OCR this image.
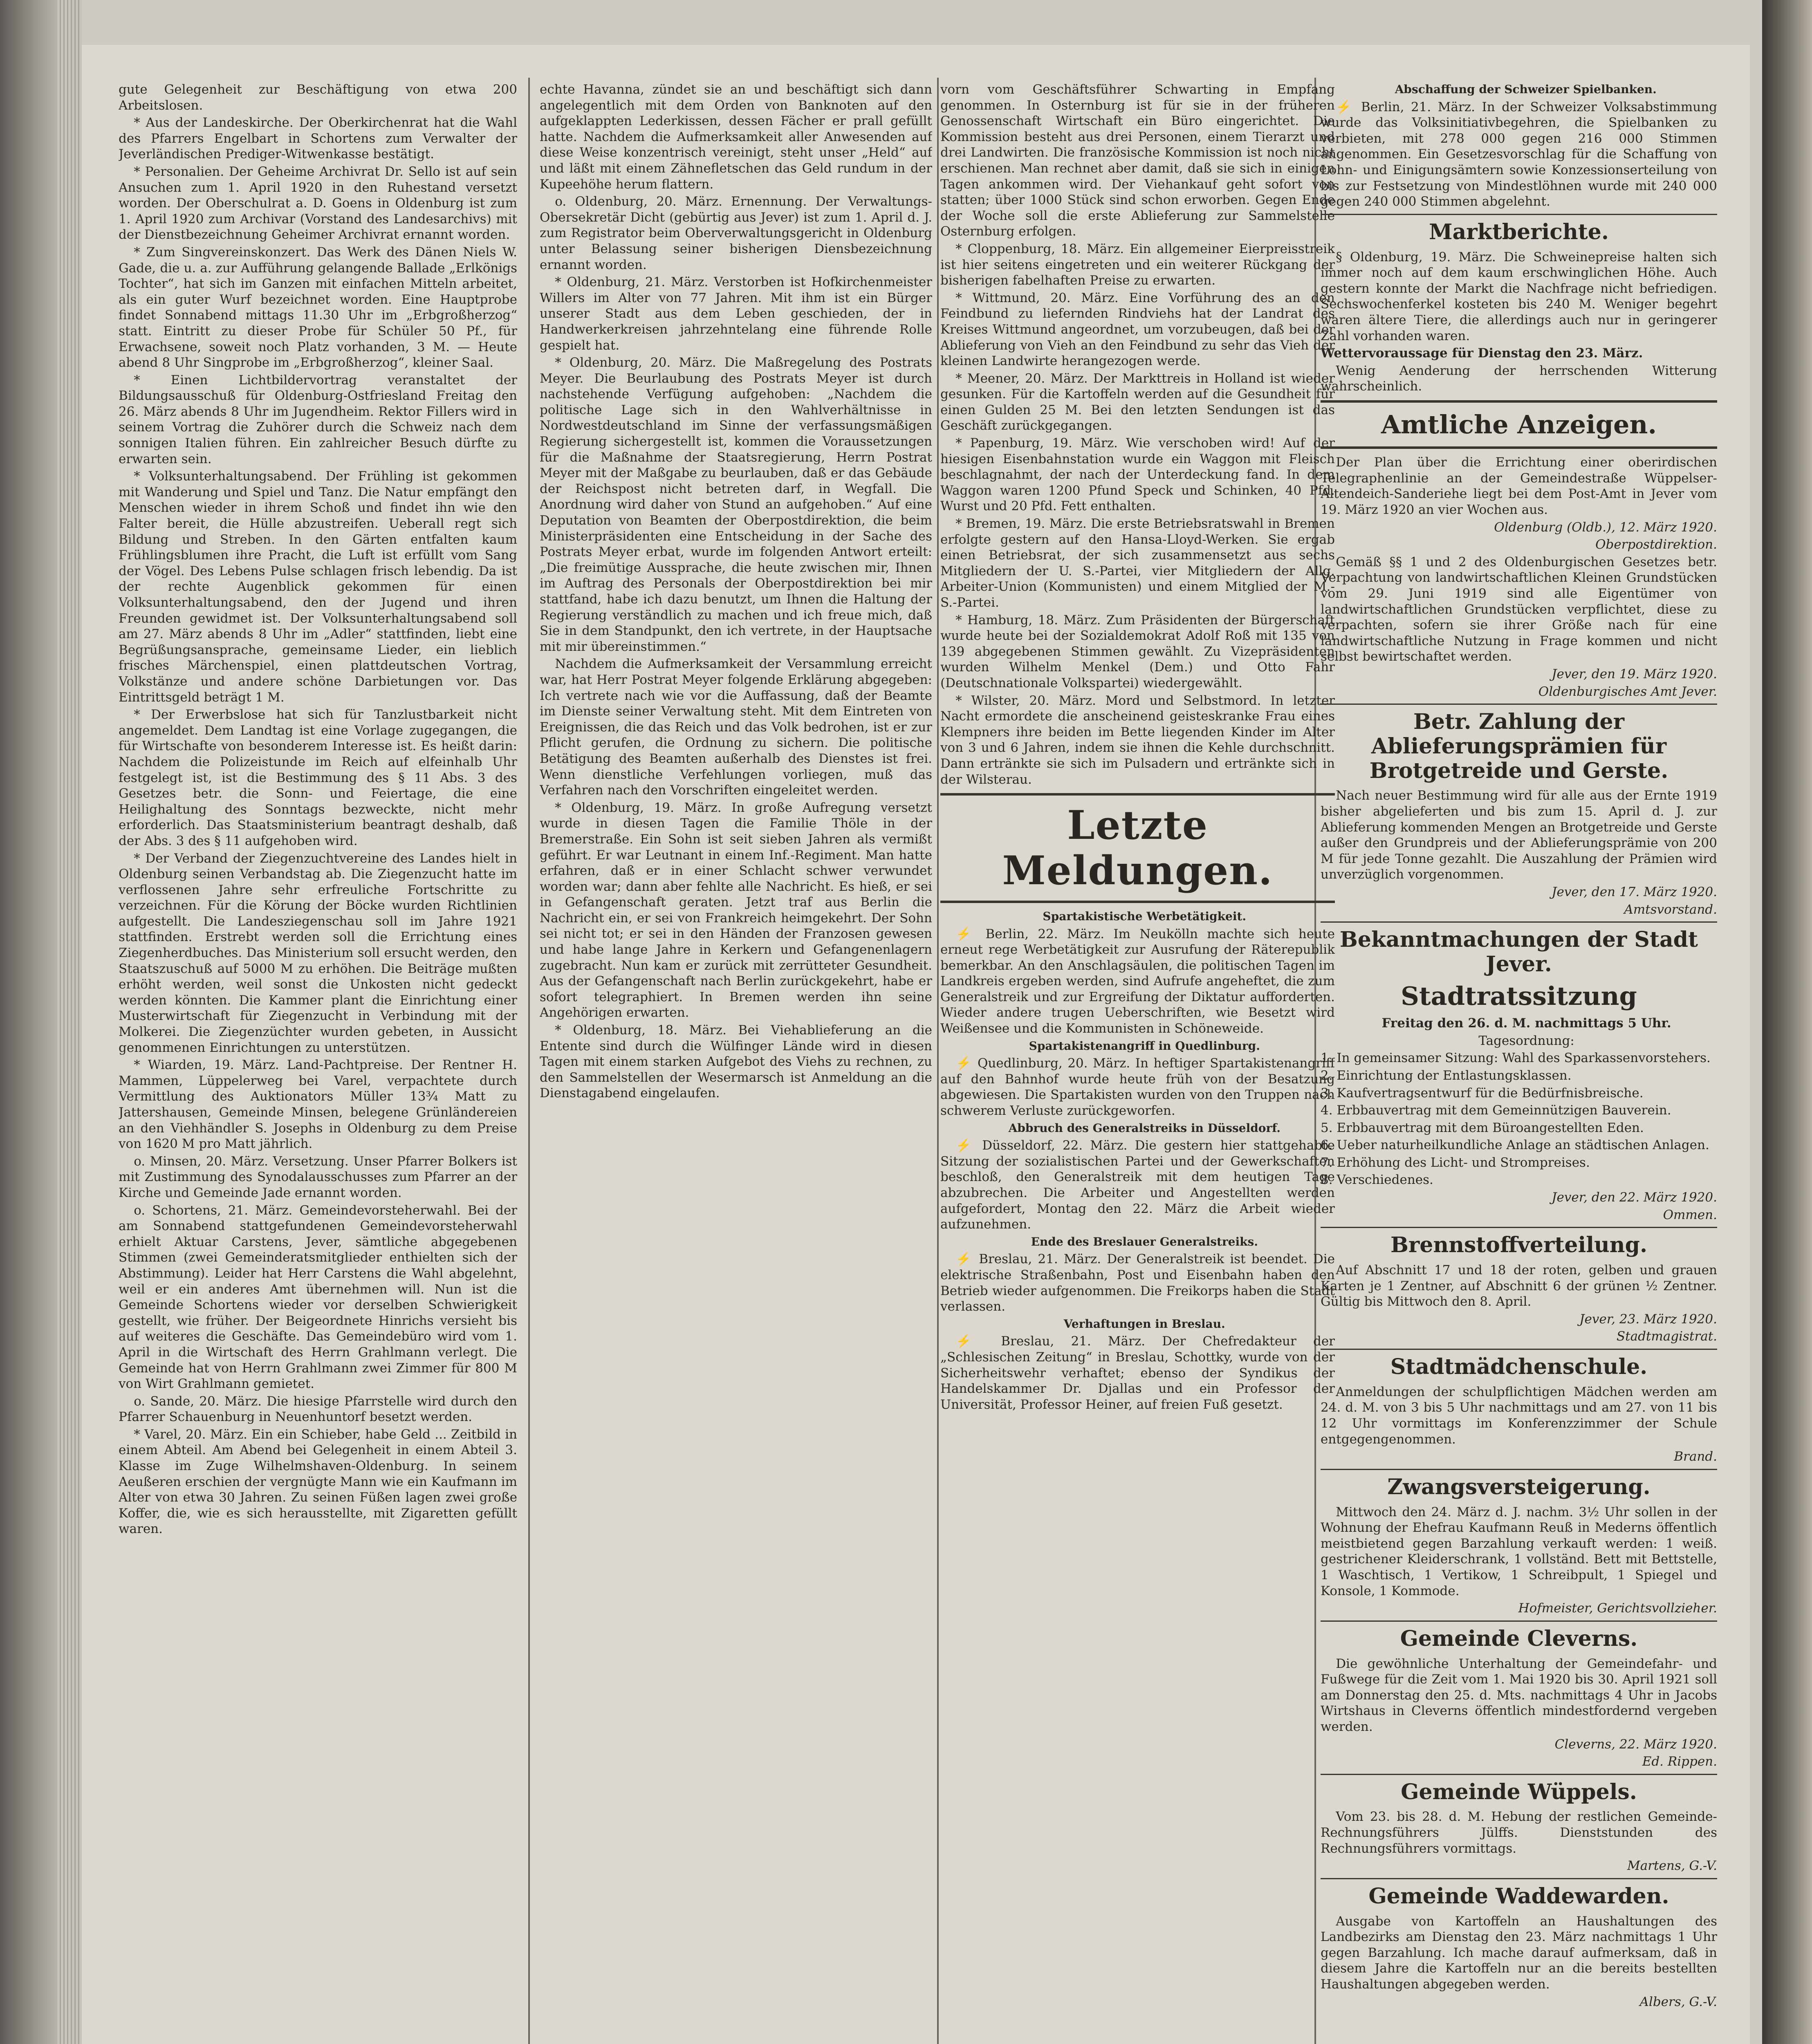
gute Gelegenheit zur Beschäftigung von etwa 200 Arbeitslosen.

* Aus der Landeskirche. Der Oberkirchenrat hat die Wahl des Pfarrers Engelbart in Schortens zum Verwalter der Jeverländischen Prediger-Witwenkasse bestätigt.

* Personalien. Der Geheime Archivrat Dr. Sello ist auf sein Ansuchen zum 1. April 1920 in den Ruhestand versetzt worden. Der Oberschulrat a. D. Goens in Oldenburg ist zum 1. April 1920 zum Archivar (Vorstand des Landesarchivs) mit der Dienstbezeichnung Geheimer Archivrat ernannt worden.

* Zum Singvereinskonzert. Das Werk des Dänen Niels W. Gade, die u. a. zur Aufführung gelangende Ballade „Erlkönigs Tochter“, hat sich im Ganzen mit einfachen Mitteln arbeitet, als ein guter Wurf bezeichnet worden. Eine Hauptprobe findet Sonnabend mittags 11.30 Uhr im „Erbgroßherzog“ statt. Eintritt zu dieser Probe für Schüler 50 Pf., für Erwachsene, soweit noch Platz vorhanden, 3 M. — Heute abend 8 Uhr Singprobe im „Erbgroßherzog“, kleiner Saal.

* Einen Lichtbildervortrag veranstaltet der Bildungsausschuß für Oldenburg-Ostfriesland Freitag den 26. März abends 8 Uhr im Jugendheim. Rektor Fillers wird in seinem Vortrag die Zuhörer durch die Schweiz nach dem sonnigen Italien führen. Ein zahlreicher Besuch dürfte zu erwarten sein.

* Volksunterhaltungsabend. Der Frühling ist gekommen mit Wanderung und Spiel und Tanz. Die Natur empfängt den Menschen wieder in ihrem Schoß und findet ihn wie den Falter bereit, die Hülle abzustreifen. Ueberall regt sich Bildung und Streben. In den Gärten entfalten kaum Frühlingsblumen ihre Pracht, die Luft ist erfüllt vom Sang der Vögel. Des Lebens Pulse schlagen frisch lebendig. Da ist der rechte Augenblick gekommen für einen Volksunterhaltungsabend, den der Jugend und ihren Freunden gewidmet ist. Der Volksunterhaltungsabend soll am 27. März abends 8 Uhr im „Adler“ stattfinden, liebt eine Begrüßungsansprache, gemeinsame Lieder, ein lieblich frisches Märchenspiel, einen plattdeutschen Vortrag, Volkstänze und andere schöne Darbietungen vor. Das Eintrittsgeld beträgt 1 M.

* Der Erwerbslose hat sich für Tanzlustbarkeit nicht angemeldet. Dem Landtag ist eine Vorlage zugegangen, die für Wirtschafte von besonderem Interesse ist. Es heißt darin: Nachdem die Polizeistunde im Reich auf elfeinhalb Uhr festgelegt ist, ist die Bestimmung des § 11 Abs. 3 des Gesetzes betr. die Sonn- und Feiertage, die eine Heilighaltung des Sonntags bezweckte, nicht mehr erforderlich. Das Staatsministerium beantragt deshalb, daß der Abs. 3 des § 11 aufgehoben wird.

* Der Verband der Ziegenzuchtvereine des Landes hielt in Oldenburg seinen Verbandstag ab. Die Ziegenzucht hatte im verflossenen Jahre sehr erfreuliche Fortschritte zu verzeichnen. Für die Körung der Böcke wurden Richtlinien aufgestellt. Die Landesziegenschau soll im Jahre 1921 stattfinden. Erstrebt werden soll die Errichtung eines Ziegenherdbuches. Das Ministerium soll ersucht werden, den Staatszuschuß auf 5000 M zu erhöhen. Die Beiträge mußten erhöht werden, weil sonst die Unkosten nicht gedeckt werden könnten. Die Kammer plant die Einrichtung einer Musterwirtschaft für Ziegenzucht in Verbindung mit der Molkerei. Die Ziegenzüchter wurden gebeten, in Aussicht genommenen Einrichtungen zu unterstützen.

* Wiarden, 19. März. Land-Pachtpreise. Der Rentner H. Mammen, Lüppelerweg bei Varel, verpachtete durch Vermittlung des Auktionators Müller 13¾ Matt zu Jattershausen, Gemeinde Minsen, belegene Grünländereien an den Viehhändler S. Josephs in Oldenburg zu dem Preise von 1620 M pro Matt jährlich.

o. Minsen, 20. März. Versetzung. Unser Pfarrer Bolkers ist mit Zustimmung des Synodalausschusses zum Pfarrer an der Kirche und Gemeinde Jade ernannt worden.

o. Schortens, 21. März. Gemeindevorsteherwahl. Bei der am Sonnabend stattgefundenen Gemeindevorsteherwahl erhielt Aktuar Carstens, Jever, sämtliche abgegebenen Stimmen (zwei Gemeinderatsmitglieder enthielten sich der Abstimmung). Leider hat Herr Carstens die Wahl abgelehnt, weil er ein anderes Amt übernehmen will. Nun ist die Gemeinde Schortens wieder vor derselben Schwierigkeit gestellt, wie früher. Der Beigeordnete Hinrichs versieht bis auf weiteres die Geschäfte. Das Gemeindebüro wird vom 1. April in die Wirtschaft des Herrn Grahlmann verlegt. Die Gemeinde hat von Herrn Grahlmann zwei Zimmer für 800 M von Wirt Grahlmann gemietet.

o. Sande, 20. März. Die hiesige Pfarrstelle wird durch den Pfarrer Schauenburg in Neuenhuntorf besetzt werden.

* Varel, 20. März. Ein ein Schieber, habe Geld ... Zeitbild in einem Abteil. Am Abend bei Gelegenheit in einem Abteil 3. Klasse im Zuge Wilhelmshaven-Oldenburg. In seinem Aeußeren erschien der vergnügte Mann wie ein Kaufmann im Alter von etwa 30 Jahren. Zu seinen Füßen lagen zwei große Koffer, die, wie es sich herausstellte, mit Zigaretten gefüllt waren.

echte Havanna, zündet sie an und beschäftigt sich dann angelegentlich mit dem Orden von Banknoten auf den aufgeklappten Lederkissen, dessen Fächer er prall gefüllt hatte. Nachdem die Aufmerksamkeit aller Anwesenden auf diese Weise konzentrisch vereinigt, steht unser „Held“ auf und läßt mit einem Zähnefletschen das Geld rundum in der Kupeehöhe herum flattern.

o. Oldenburg, 20. März. Ernennung. Der Verwaltungs-Obersekretär Dicht (gebürtig aus Jever) ist zum 1. April d. J. zum Registrator beim Oberverwaltungsgericht in Oldenburg unter Belassung seiner bisherigen Diensbezeichnung ernannt worden.

* Oldenburg, 21. März. Verstorben ist Hofkirchenmeister Willers im Alter von 77 Jahren. Mit ihm ist ein Bürger unserer Stadt aus dem Leben geschieden, der in Handwerkerkreisen jahrzehntelang eine führende Rolle gespielt hat.

* Oldenburg, 20. März. Die Maßregelung des Postrats Meyer. Die Beurlaubung des Postrats Meyer ist durch nachstehende Verfügung aufgehoben: „Nachdem die politische Lage sich in den Wahlverhältnisse in Nordwestdeutschland im Sinne der verfassungsmäßigen Regierung sichergestellt ist, kommen die Voraussetzungen für die Maßnahme der Staatsregierung, Herrn Postrat Meyer mit der Maßgabe zu beurlauben, daß er das Gebäude der Reichspost nicht betreten darf, in Wegfall. Die Anordnung wird daher von Stund an aufgehoben.“ Auf eine Deputation von Beamten der Oberpostdirektion, die beim Ministerpräsidenten eine Entscheidung in der Sache des Postrats Meyer erbat, wurde im folgenden Antwort erteilt: „Die freimütige Aussprache, die heute zwischen mir, Ihnen im Auftrag des Personals der Oberpostdirektion bei mir stattfand, habe ich dazu benutzt, um Ihnen die Haltung der Regierung verständlich zu machen und ich freue mich, daß Sie in dem Standpunkt, den ich vertrete, in der Hauptsache mit mir übereinstimmen.“

Nachdem die Aufmerksamkeit der Versammlung erreicht war, hat Herr Postrat Meyer folgende Erklärung abgegeben: Ich vertrete nach wie vor die Auffassung, daß der Beamte im Dienste seiner Verwaltung steht. Mit dem Eintreten von Ereignissen, die das Reich und das Volk bedrohen, ist er zur Pflicht gerufen, die Ordnung zu sichern. Die politische Betätigung des Beamten außerhalb des Dienstes ist frei. Wenn dienstliche Verfehlungen vorliegen, muß das Verfahren nach den Vorschriften eingeleitet werden.

* Oldenburg, 19. März. In große Aufregung versetzt wurde in diesen Tagen die Familie Thöle in der Bremerstraße. Ein Sohn ist seit sieben Jahren als vermißt geführt. Er war Leutnant in einem Inf.-Regiment. Man hatte erfahren, daß er in einer Schlacht schwer verwundet worden war; dann aber fehlte alle Nachricht. Es hieß, er sei in Gefangenschaft geraten. Jetzt traf aus Berlin die Nachricht ein, er sei von Frankreich heimgekehrt. Der Sohn sei nicht tot; er sei in den Händen der Franzosen gewesen und habe lange Jahre in Kerkern und Gefangenenlagern zugebracht. Nun kam er zurück mit zerrütteter Gesundheit. Aus der Gefangenschaft nach Berlin zurückgekehrt, habe er sofort telegraphiert. In Bremen werden ihn seine Angehörigen erwarten.

* Oldenburg, 18. März. Bei Viehablieferung an die Entente sind durch die Wülfinger Lände wird in diesen Tagen mit einem starken Aufgebot des Viehs zu rechnen, zu den Sammelstellen der Wesermarsch ist Anmeldung an die Dienstagabend eingelaufen.

vorn vom Geschäftsführer Schwarting in Empfang genommen. In Osternburg ist für sie in der früheren Genossenschaft Wirtschaft ein Büro eingerichtet. Die Kommission besteht aus drei Personen, einem Tierarzt und drei Landwirten. Die französische Kommission ist noch nicht erschienen. Man rechnet aber damit, daß sie sich in einigen Tagen ankommen wird. Der Viehankauf geht sofort von statten; über 1000 Stück sind schon erworben. Gegen Ende der Woche soll die erste Ablieferung zur Sammelstelle Osternburg erfolgen.

* Cloppenburg, 18. März. Ein allgemeiner Eierpreisstreik ist hier seitens eingetreten und ein weiterer Rückgang der bisherigen fabelhaften Preise zu erwarten.

* Wittmund, 20. März. Eine Vorführung des an den Feindbund zu liefernden Rindviehs hat der Landrat des Kreises Wittmund angeordnet, um vorzubeugen, daß bei der Ablieferung von Vieh an den Feindbund zu sehr das Vieh der kleinen Landwirte herangezogen werde.

* Meener, 20. März. Der Markttreis in Holland ist wieder gesunken. Für die Kartoffeln werden auf die Gesundheit für einen Gulden 25 M. Bei den letzten Sendungen ist das Geschäft zurückgegangen.

* Papenburg, 19. März. Wie verschoben wird! Auf der hiesigen Eisenbahnstation wurde ein Waggon mit Fleisch beschlagnahmt, der nach der Unterdeckung fand. In dem Waggon waren 1200 Pfund Speck und Schinken, 40 Pfd. Wurst und 20 Pfd. Fett enthalten.

* Bremen, 19. März. Die erste Betriebsratswahl in Bremen erfolgte gestern auf den Hansa-Lloyd-Werken. Sie ergab einen Betriebsrat, der sich zusammensetzt aus sechs Mitgliedern der U. S.-Partei, vier Mitgliedern der Allg. Arbeiter-Union (Kommunisten) und einem Mitglied der M.-S.-Partei.

* Hamburg, 18. März. Zum Präsidenten der Bürgerschaft wurde heute bei der Sozialdemokrat Adolf Roß mit 135 von 139 abgegebenen Stimmen gewählt. Zu Vizepräsidenten wurden Wilhelm Menkel (Dem.) und Otto Fahr (Deutschnationale Volkspartei) wiedergewählt.

* Wilster, 20. März. Mord und Selbstmord. In letzter Nacht ermordete die anscheinend geisteskranke Frau eines Klempners ihre beiden im Bette liegenden Kinder im Alter von 3 und 6 Jahren, indem sie ihnen die Kehle durchschnitt. Dann ertränkte sie sich im Pulsadern und ertränkte sich in der Wilsterau.

Letzte Meldungen.

Spartakistische Werbetätigkeit.

⚡ Berlin, 22. März. Im Neukölln machte sich heute erneut rege Werbetätigkeit zur Ausrufung der Räterepublik bemerkbar. An den Anschlagsäulen, die politischen Tagen im Landkreis ergeben werden, sind Aufrufe angeheftet, die zum Generalstreik und zur Ergreifung der Diktatur aufforderten. Wieder andere trugen Ueberschriften, wie Besetzt wird Weißensee und die Kommunisten in Schöneweide.

Spartakistenangriff in Quedlinburg.

⚡ Quedlinburg, 20. März. In heftiger Spartakistenangriff auf den Bahnhof wurde heute früh von der Besatzung abgewiesen. Die Spartakisten wurden von den Truppen nach schwerem Verluste zurückgeworfen.

Abbruch des Generalstreiks in Düsseldorf.

⚡ Düsseldorf, 22. März. Die gestern hier stattgehabte Sitzung der sozialistischen Partei und der Gewerkschaften beschloß, den Generalstreik mit dem heutigen Tage abzubrechen. Die Arbeiter und Angestellten werden aufgefordert, Montag den 22. März die Arbeit wieder aufzunehmen.

Ende des Breslauer Generalstreiks.

⚡ Breslau, 21. März. Der Generalstreik ist beendet. Die elektrische Straßenbahn, Post und Eisenbahn haben den Betrieb wieder aufgenommen. Die Freikorps haben die Stadt verlassen.

Verhaftungen in Breslau.

⚡ Breslau, 21. März. Der Chefredakteur der „Schlesischen Zeitung“ in Breslau, Schottky, wurde von der Sicherheitswehr verhaftet; ebenso der Syndikus der Handelskammer Dr. Djallas und ein Professor der Universität, Professor Heiner, auf freien Fuß gesetzt.

Abschaffung der Schweizer Spielbanken.

⚡ Berlin, 21. März. In der Schweizer Volksabstimmung wurde das Volksinitiativbegehren, die Spielbanken zu verbieten, mit 278 000 gegen 216 000 Stimmen angenommen. Ein Gesetzesvorschlag für die Schaffung von Lohn- und Einigungsämtern sowie Konzessionserteilung von bis zur Festsetzung von Mindestlöhnen wurde mit 240 000 gegen 240 000 Stimmen abgelehnt.

Marktberichte.

§ Oldenburg, 19. März. Die Schweinepreise halten sich immer noch auf dem kaum erschwinglichen Höhe. Auch gestern konnte der Markt die Nachfrage nicht befriedigen. Sechswochenferkel kosteten bis 240 M. Weniger begehrt waren ältere Tiere, die allerdings auch nur in geringerer Zahl vorhanden waren.

Wettervoraussage für Dienstag den 23. März.

Wenig Aenderung der herrschenden Witterung wahrscheinlich.

Amtliche Anzeigen.

Der Plan über die Errichtung einer oberirdischen Telegraphenlinie an der Gemeindestraße Wüppelser-Altendeich-Sanderiehe liegt bei dem Post-Amt in Jever vom 19. März 1920 an vier Wochen aus.

Oldenburg (Oldb.), 12. März 1920.

Oberpostdirektion.

Gemäß §§ 1 und 2 des Oldenburgischen Gesetzes betr. Verpachtung von landwirtschaftlichen Kleinen Grundstücken vom 29. Juni 1919 sind alle Eigentümer von landwirtschaftlichen Grundstücken verpflichtet, diese zu verpachten, sofern sie ihrer Größe nach für eine landwirtschaftliche Nutzung in Frage kommen und nicht selbst bewirtschaftet werden.

Jever, den 19. März 1920.

Oldenburgisches Amt Jever.

Betr. Zahlung der Ablieferungsprämien für Brotgetreide und Gerste.

Nach neuer Bestimmung wird für alle aus der Ernte 1919 bisher abgelieferten und bis zum 15. April d. J. zur Ablieferung kommenden Mengen an Brotgetreide und Gerste außer den Grundpreis und der Ablieferungsprämie von 200 M für jede Tonne gezahlt. Die Auszahlung der Prämien wird unverzüglich vorgenommen.

Jever, den 17. März 1920.

Amtsvorstand.

Bekanntmachungen der Stadt Jever.
Stadtratssitzung

Freitag den 26. d. M. nachmittags 5 Uhr.

Tagesordnung:

1. In gemeinsamer Sitzung: Wahl des Sparkassenvorstehers.

2. Einrichtung der Entlastungsklassen.

3. Kaufvertragsentwurf für die Bedürfnisbreische.

4. Erbbauvertrag mit dem Gemeinnützigen Bauverein.

5. Erbbauvertrag mit dem Büroangestellten Eden.

6. Ueber naturheilkundliche Anlage an städtischen Anlagen.

7. Erhöhung des Licht- und Strompreises.

8. Verschiedenes.

Jever, den 22. März 1920.

Ommen.

Brennstoffverteilung.

Auf Abschnitt 17 und 18 der roten, gelben und grauen Karten je 1 Zentner, auf Abschnitt 6 der grünen ½ Zentner. Gültig bis Mittwoch den 8. April.

Jever, 23. März 1920.

Stadtmagistrat.

Stadtmädchenschule.

Anmeldungen der schulpflichtigen Mädchen werden am 24. d. M. von 3 bis 5 Uhr nachmittags und am 27. von 11 bis 12 Uhr vormittags im Konferenzzimmer der Schule entgegengenommen.

Brand.

Zwangsversteigerung.

Mittwoch den 24. März d. J. nachm. 3½ Uhr sollen in der Wohnung der Ehefrau Kaufmann Reuß in Mederns öffentlich meistbietend gegen Barzahlung verkauft werden: 1 weiß. gestrichener Kleiderschrank, 1 vollständ. Bett mit Bettstelle, 1 Waschtisch, 1 Vertikow, 1 Schreibpult, 1 Spiegel und Konsole, 1 Kommode.

Hofmeister, Gerichtsvollzieher.

Gemeinde Cleverns.

Die gewöhnliche Unterhaltung der Gemeindefahr- und Fußwege für die Zeit vom 1. Mai 1920 bis 30. April 1921 soll am Donnerstag den 25. d. Mts. nachmittags 4 Uhr in Jacobs Wirtshaus in Cleverns öffentlich mindestfordernd vergeben werden.

Cleverns, 22. März 1920.

Ed. Rippen.

Gemeinde Wüppels.

Vom 23. bis 28. d. M. Hebung der restlichen Gemeinde-Rechnungsführers Jülffs. Dienststunden des Rechnungsführers vormittags.

Martens, G.-V.

Gemeinde Waddewarden.

Ausgabe von Kartoffeln an Haushaltungen des Landbezirks am Dienstag den 23. März nachmittags 1 Uhr gegen Barzahlung. Ich mache darauf aufmerksam, daß in diesem Jahre die Kartoffeln nur an die bereits bestellten Haushaltungen abgegeben werden.

Albers, G.-V.
